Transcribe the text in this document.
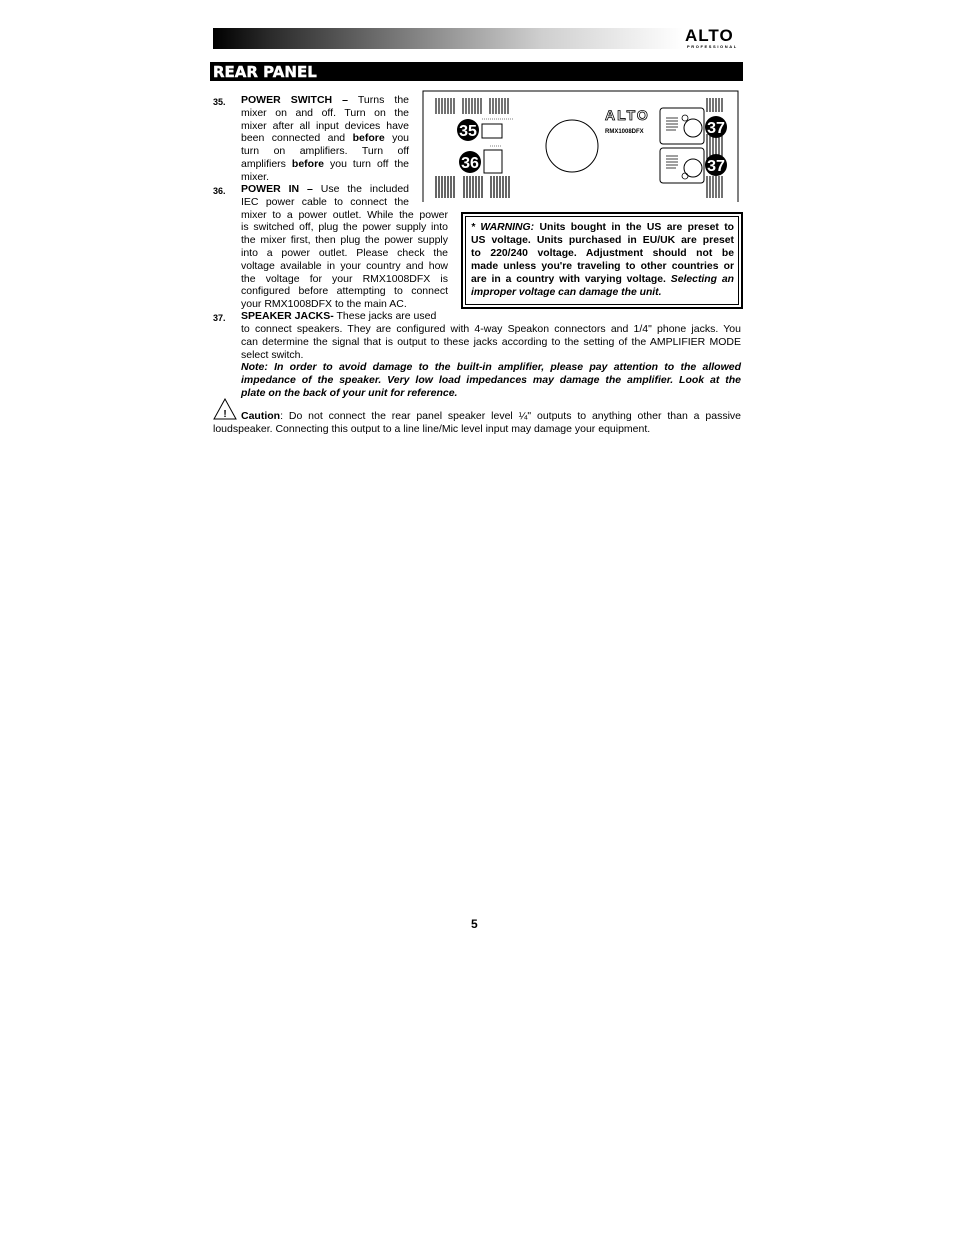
ALTO
PROFESSIONAL
REAR PANEL
35. POWER SWITCH – Turns the
mixer on and off. Turn on the
mixer after all input devices have
been connected and before you
turn on amplifiers. Turn off
amplifiers before you turn off the
mixer.
36. POWER IN – Use the included
IEC power cable to connect the
mixer to a power outlet. While the power
is switched off, plug the power supply into
the mixer first, then plug the power supply
into a power outlet. Please check the
voltage available in your country and how
the voltage for your RMX1008DFX is
configured before attempting to connect
your RMX1008DFX to the main AC.
37. SPEAKER JACKS- These jacks are used
to connect speakers. They are configured with 4-way Speakon connectors and 1/4" phone jacks. You
can determine the signal that is output to these jacks according to the setting of the AMPLIFIER MODE
select switch.
Note: In order to avoid damage to the built-in amplifier, please pay attention to the allowed
impedance of the speaker. Very low load impedances may damage the amplifier. Look at the
plate on the back of your unit for reference.
ALTO
RMX1008DFX
35
36
37
37
* WARNING: Units bought in the US are preset to
US voltage. Units purchased in EU/UK are preset
to 220/240 voltage. Adjustment should not be
made unless you're traveling to other countries or
are in a country with varying voltage. Selecting an
improper voltage can damage the unit.
! Caution: Do not connect the rear panel speaker level ¼" outputs to anything other than a passive
loudspeaker. Connecting this output to a line line/Mic level input may damage your equipment.
5
